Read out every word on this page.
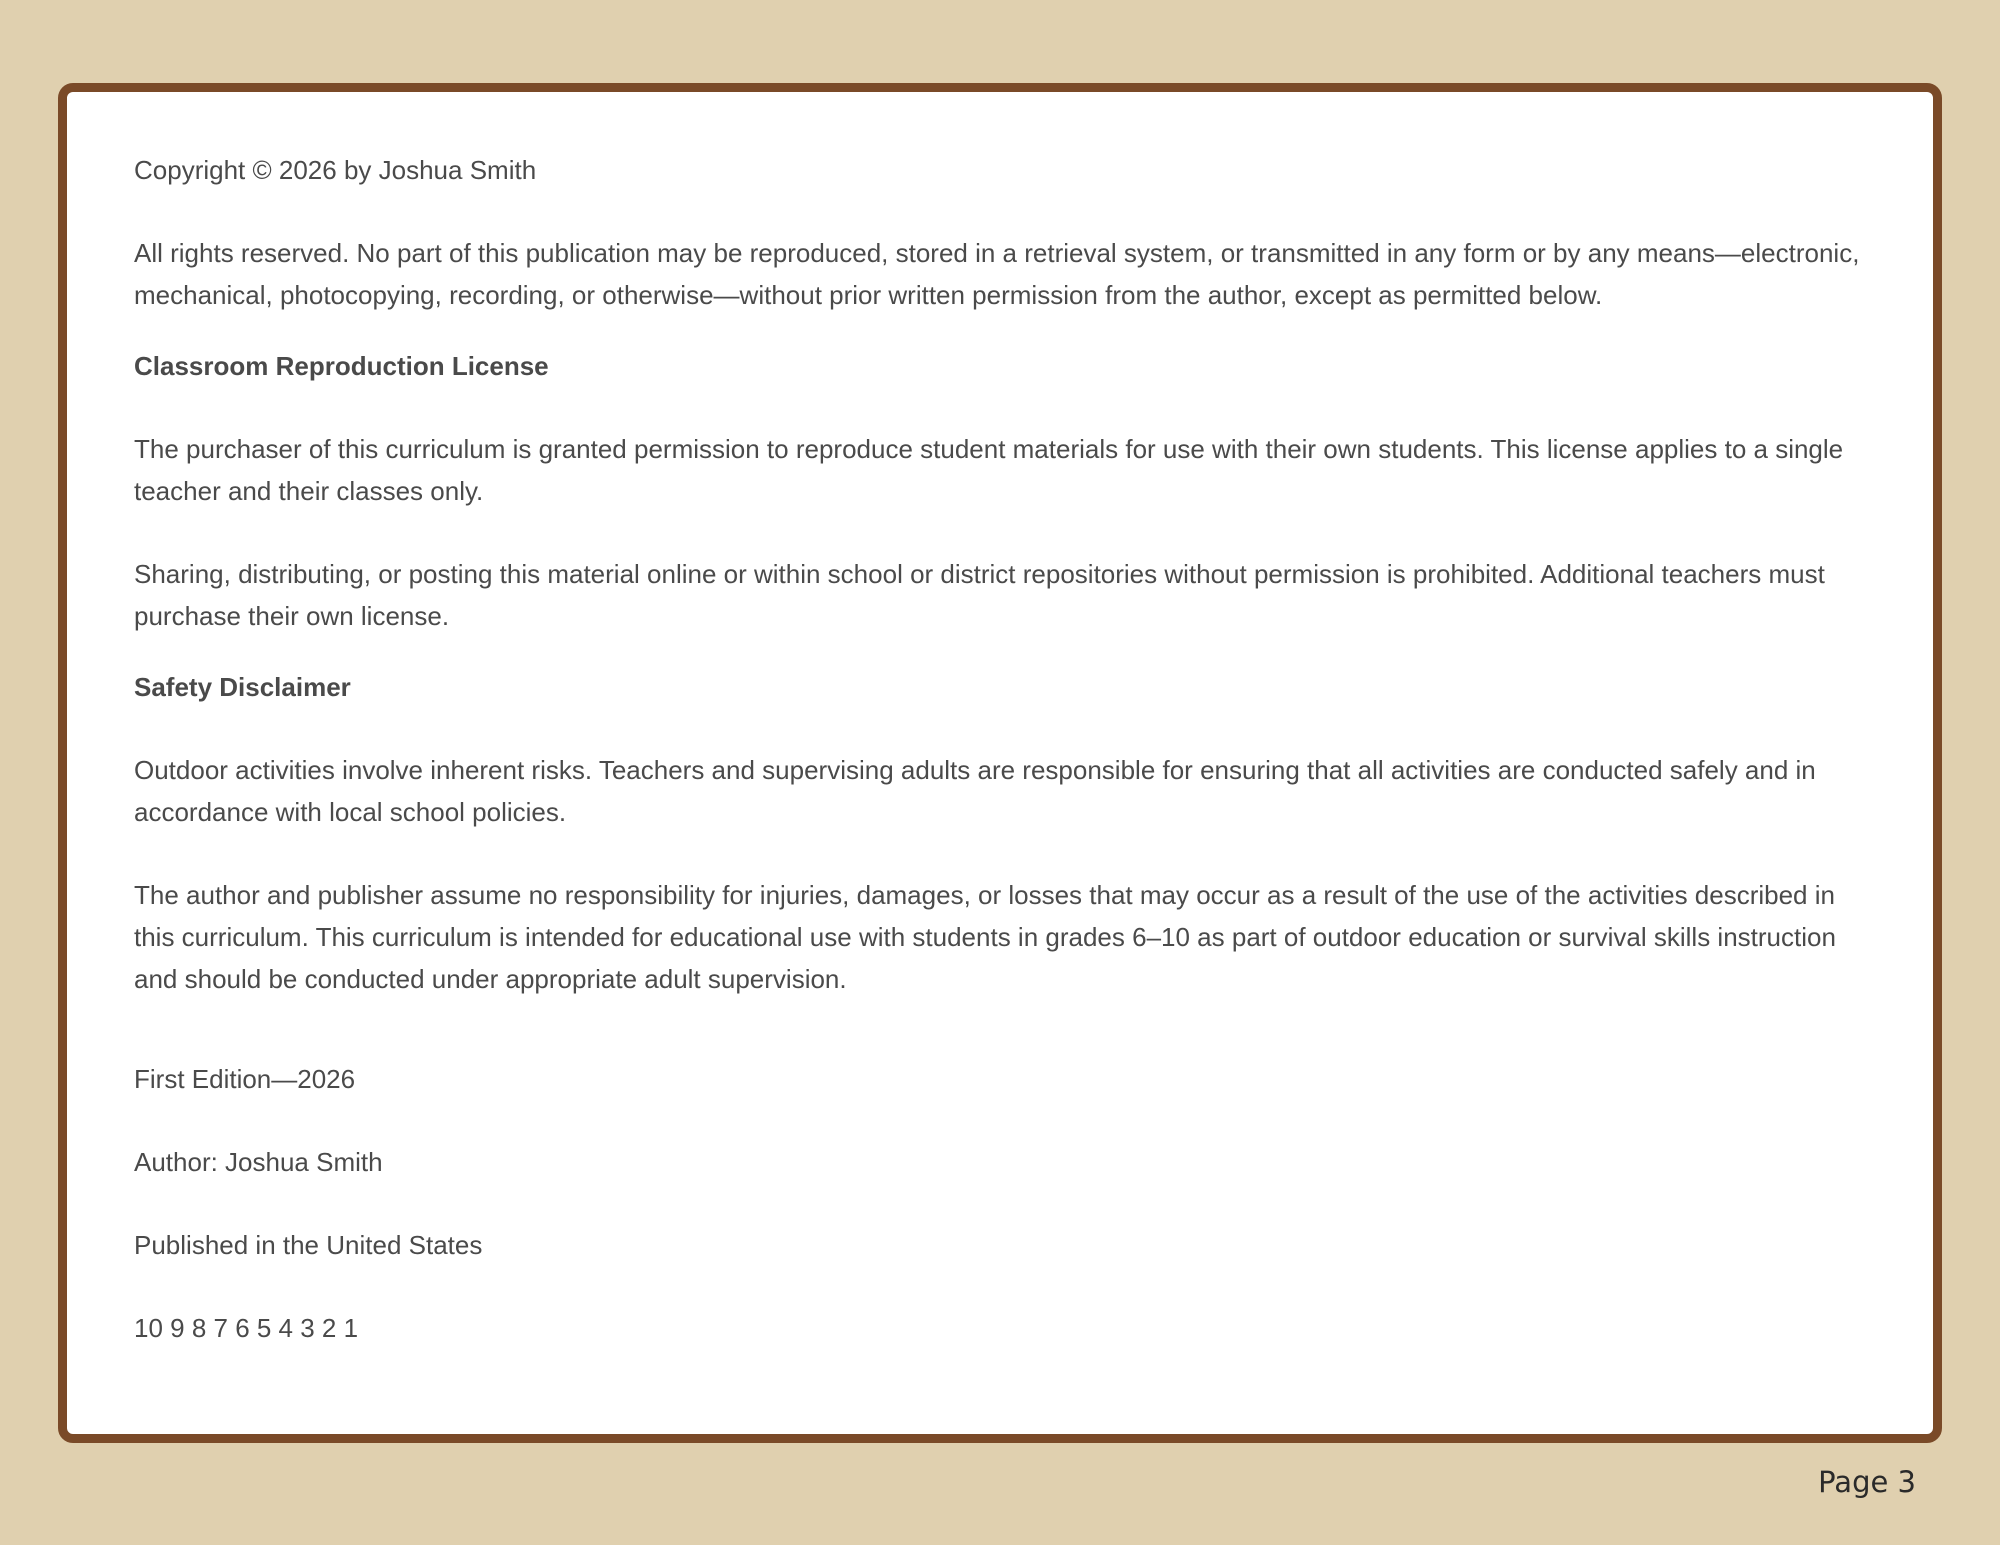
Copyright © 2026 by Joshua Smith

All rights reserved. No part of this publication may be reproduced, stored in a retrieval system, or transmitted in any form or by any means—electronic, mechanical, photocopying, recording, or otherwise—without prior written permission from the author, except as permitted below.

Classroom Reproduction License

The purchaser of this curriculum is granted permission to reproduce student materials for use with their own students. This license applies to a single teacher and their classes only.

Sharing, distributing, or posting this material online or within school or district repositories without permission is prohibited. Additional teachers must purchase their own license.

Safety Disclaimer

Outdoor activities involve inherent risks. Teachers and supervising adults are responsible for ensuring that all activities are conducted safely and in accordance with local school policies.

The author and publisher assume no responsibility for injuries, damages, or losses that may occur as a result of the use of the activities described in this curriculum. This curriculum is intended for educational use with students in grades 6–10 as part of outdoor education or survival skills instruction and should be conducted under appropriate adult supervision.

First Edition—2026

Author: Joshua Smith

Published in the United States

10 9 8 7 6 5 4 3 2 1

Page 3
